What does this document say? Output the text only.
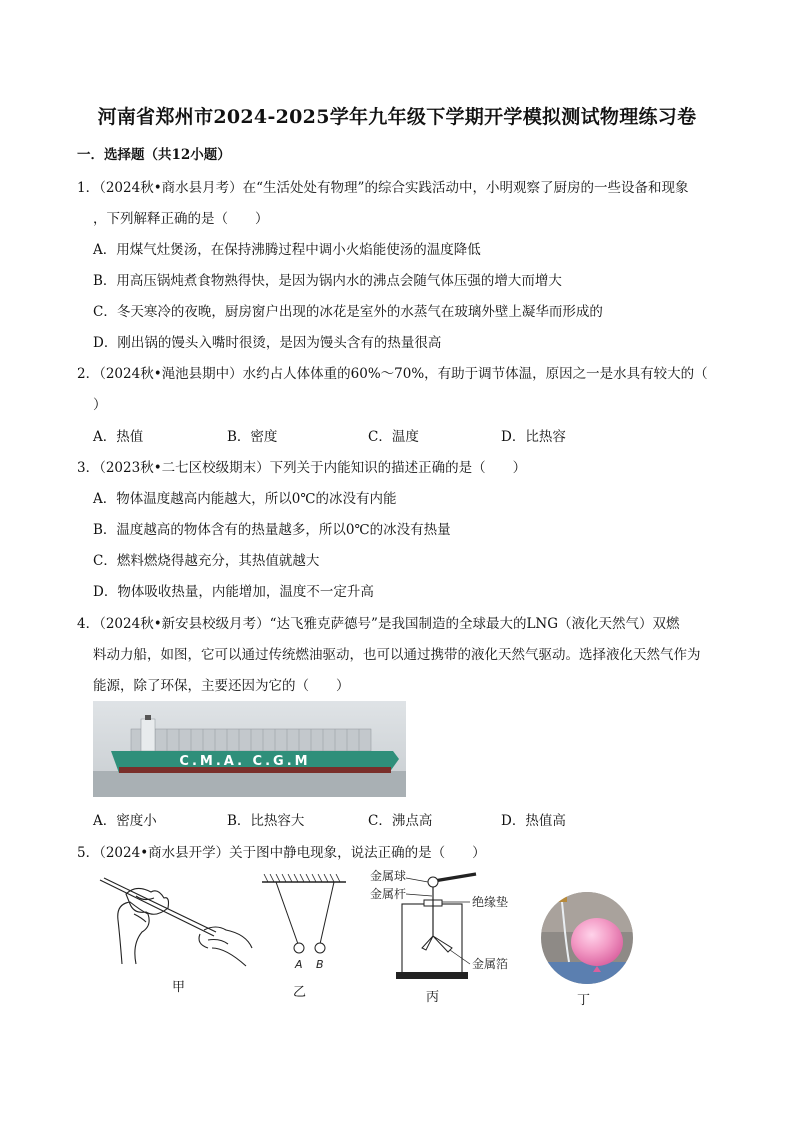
河南省郑州市2024-2025学年九年级下学期开学模拟测试物理练习卷
一．选择题（共12小题）
1．（2024秋•商水县月考）在“生活处处有物理”的综合实践活动中，小明观察了厨房的一些设备和现象
，下列解释正确的是（　　）
A．用煤气灶煲汤，在保持沸腾过程中调小火焰能使汤的温度降低
B．用高压锅炖煮食物熟得快，是因为锅内水的沸点会随气体压强的增大而增大
C．冬天寒冷的夜晚，厨房窗户出现的冰花是室外的水蒸气在玻璃外壁上凝华而形成的
D．刚出锅的馒头入嘴时很烫，是因为馒头含有的热量很高
2．（2024秋•渑池县期中）水约占人体体重的60%～70%，有助于调节体温，原因之一是水具有较大的（
）
A．热值	B．密度	C．温度	D．比热容
3．（2023秋•二七区校级期末）下列关于内能知识的描述正确的是（　　）
A．物体温度越高内能越大，所以0℃的冰没有内能
B．温度越高的物体含有的热量越多，所以0℃的冰没有热量
C．燃料燃烧得越充分，其热值就越大
D．物体吸收热量，内能增加，温度不一定升高
4．（2024秋•新安县校级月考）“达飞雅克萨德号”是我国制造的全球最大的LNG（液化天然气）双燃
料动力船，如图，它可以通过传统燃油驱动，也可以通过携带的液化天然气驱动。选择液化天然气作为
能源，除了环保，主要还因为它的（　　）
C.M.A. C.G.M
A．密度小	B．比热容大	C．沸点高	D．热值高
5．（2024•商水县开学）关于图中静电现象，说法正确的是（　　）
甲
A B
乙
金属球
金属杆
绝缘垫
金属箔
丙	丁
